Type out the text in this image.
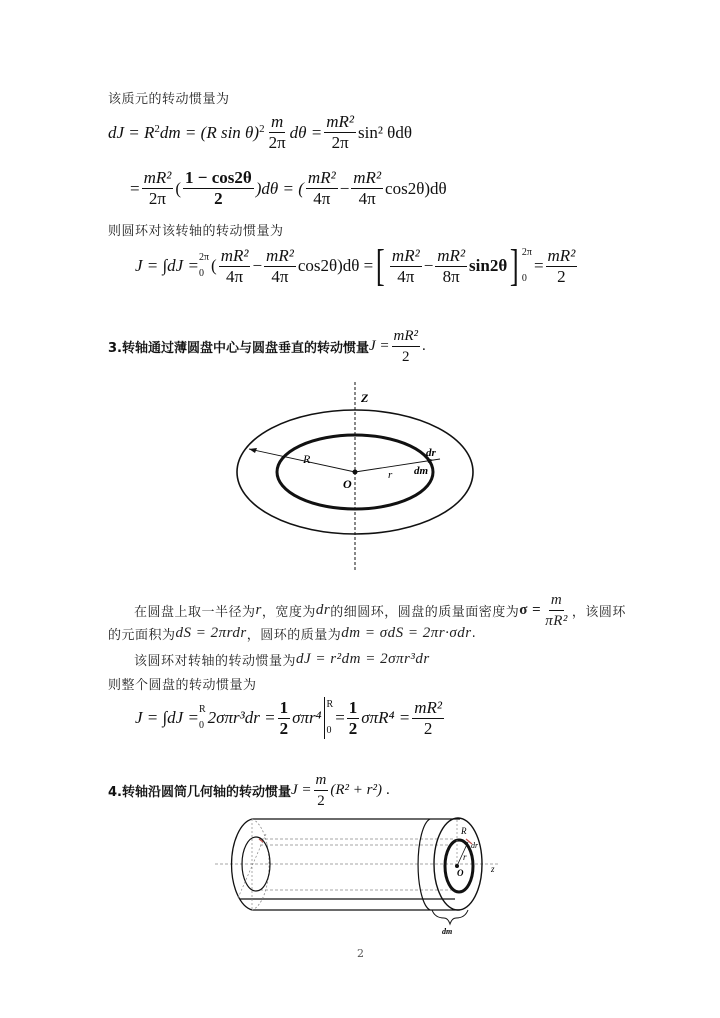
该质元的转动惯量为
dJ = R 2 dm = (R sin θ) $2 \frac{m}{2\pi}$ $d\theta = \frac{\text{mR²}}{2\pi} \sin^2$ θdθ
= $\frac{\text{mR²}}{2\pi}$ ( $\frac{1 - \cos 2\theta}{2} )d\theta$ = ( $\frac{\text{mR²}}{4\pi} - \frac{\text{mR²}}{4\pi} \cos 2\theta)d\theta$
则圆环对该转轴的转动惯量为
J = ∫dJ = 2π
0 ( $\frac{\text{mR²}}{4\pi} - \frac{\text{mR²}}{4\pi} \cos 2\theta)d\theta$ = [ $\frac{\text{mR²}}{4\pi} - \frac{\text{mR²}}{8\pi} \sin 2\theta$ ] 2π
0
= $\frac{\text{mR²}}{2}$
3.转轴通过薄圆盘中心与圆盘垂直的转动惯量 $J = \frac{\text{mR²}}{2}$ .
Z
R
O
r
dr
dm
在圆盘上取一半径为 r ，宽度为 dr 的细圆环，圆盘的质量面密度为 $\sigma = \frac{m}{\text{πR²}}$ ，该圆环
的元面积为 dS = 2πrdr ，圆环的质量为 dm = σdS = 2πr·σdr .
该圆环对转轴的转动惯量为 dJ = r²dm = 2σπr³dr
则整个圆盘的转动惯量为
J = ∫dJ = R
0 $2\sigma\pi r^3dr = \frac{1}{2} \sigma\pi r^4$
R
0
= $\frac{1}{2} \sigma\pi R^4 = \frac{\text{mR²}}{2}$
4.转轴沿圆筒几何轴的转动惯量 $J = \frac{m}{2} (R^2 + r^2)$ .
R
dr
r
O	z
dm
2
